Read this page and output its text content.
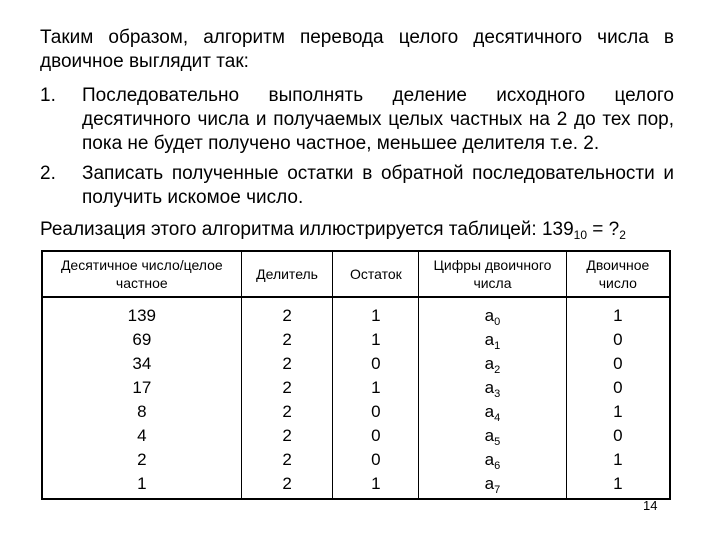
Таким образом, алгоритм перевода целого десятичного числа в двоичное выглядит так:
1.	Последовательно выполнять деление исходного целого десятичного числа и получаемых целых частных на 2 до тех пор, пока не будет получено частное, меньшее делителя т.е. 2.
2.	Записать полученные остатки в обратной последовательности и получить искомое число.
Реализация этого алгоритма иллюстрируется таблицей: $139_{10}$ = $?_2$
Десятичное число/целое частное	Делитель	Остаток	Цифры двоичного числа	Двоичное число
139	2	1	$a_0$	1
69	2	1	$a_1$	0
34	2	0	$a_2$	0
17	2	1	$a_3$	0
8	2	0	$a_4$	1
4	2	0	$a_5$	0
2	2	0	$a_6$	1
1	2	1	$a_7$	1
14
